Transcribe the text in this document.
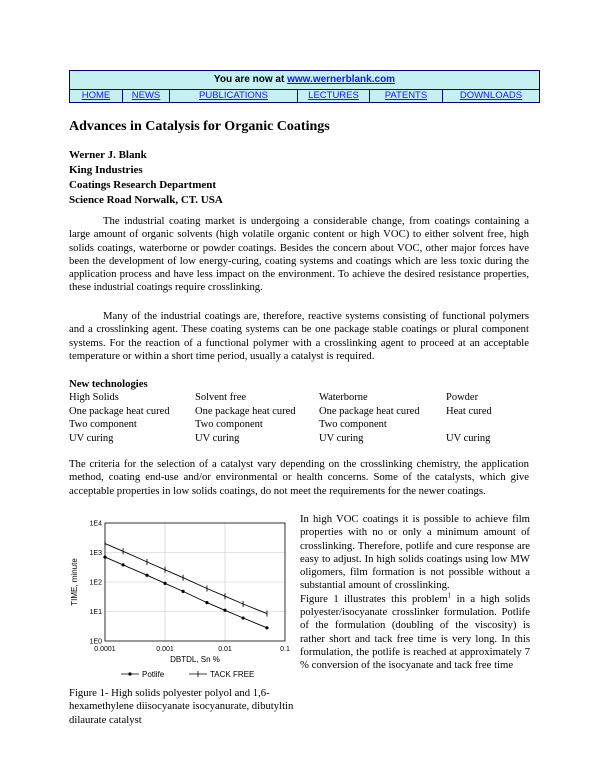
You are now at www.wernerblank.com
HOME	NEWS	PUBLICATIONS	LECTURES	PATENTS	DOWNLOADS
Advances in Catalysis for Organic Coatings
Werner J. Blank
King Industries
Coatings Research Department
Science Road Norwalk, CT. USA
The industrial coating market is undergoing a considerable change, from coatings containing a large amount of organic solvents (high volatile organic content or high VOC) to either solvent free, high solids coatings, waterborne or powder coatings. Besides the concern about VOC, other major forces have been the development of low energy-curing, coating systems and coatings which are less toxic during the application process and have less impact on the environment. To achieve the desired resistance properties, these industrial coatings require crosslinking.
Many of the industrial coatings are, therefore, reactive systems consisting of functional polymers and a crosslinking agent. These coating systems can be one package stable coatings or plural component systems. For the reaction of a functional polymer with a crosslinking agent to proceed at an acceptable temperature or within a short time period, usually a catalyst is required.
New technologies
High Solids	Solvent free	Waterborne	Powder
One package heat cured	One package heat cured	One package heat cured	Heat cured
Two component	Two component	Two component	
UV curing	UV curing	UV curing	UV curing
The criteria for the selection of a catalyst vary depending on the crosslinking chemistry, the application method, coating end-use and/or environmental or health concerns. Some of the catalysts, which give acceptable properties in low solids coatings, do not meet the requirements for the newer coatings.
1E0
1E1
1E2
1E3
1E4
0.0001	0.001	0.01	0.1
TIME, minute
DBTDL, Sn %
Potlife	TACK FREE
Figure 1- High solids polyester polyol and 1,6-hexamethylene diisocyanate isocyanurate, dibutyltin dilaurate catalyst
In high VOC coatings it is possible to achieve film properties with no or only a minimum amount of crosslinking. Therefore, potlife and cure response are easy to adjust. In high solids coatings using low MW oligomers, film formation is not possible without a substantial amount of crosslinking.
Figure 1 illustrates this problem$^1$ in a high solids polyester/isocyanate crosslinker formulation. Potlife of the formulation (doubling of the viscosity) is rather short and tack free time is very long. In this formulation, the potlife is reached at approximately 7 % conversion of the isocyanate and tack free time
